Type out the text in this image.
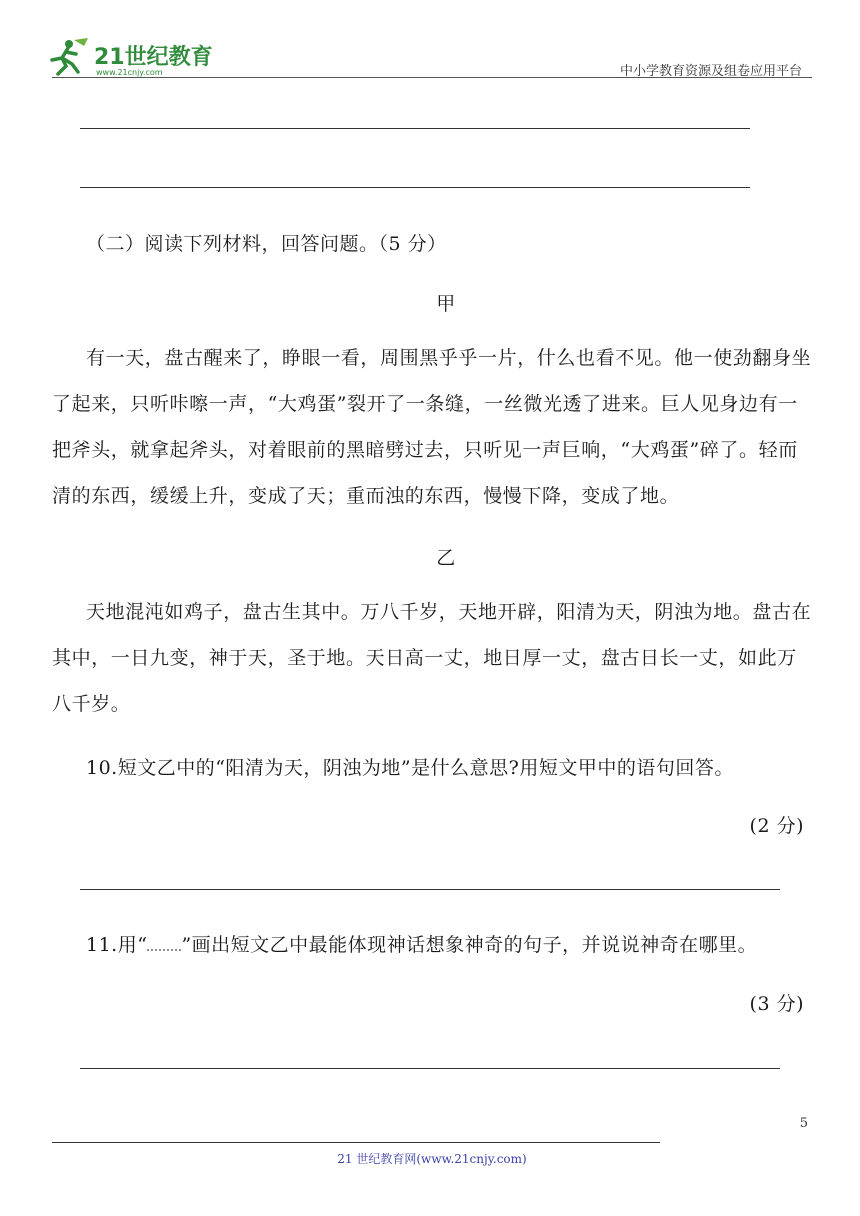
21世纪教育
www.21cnjy.com	中小学教育资源及组卷应用平台
（二）阅读下列材料，回答问题。（5 分）
甲
有一天，盘古醒来了，睁眼一看，周围黑乎乎一片，什么也看不见。他一使劲翻身坐了起来，只听咔嚓一声，“大鸡蛋”裂开了一条缝，一丝微光透了进来。巨人见身边有一把斧头，就拿起斧头，对着眼前的黑暗劈过去，只听见一声巨响，“大鸡蛋”碎了。轻而清的东西，缓缓上升，变成了天；重而浊的东西，慢慢下降，变成了地。
乙
天地混沌如鸡子，盘古生其中。万八千岁，天地开辟，阳清为天，阴浊为地。盘古在其中，一日九变，神于天，圣于地。天日高一丈，地日厚一丈，盘古日长一丈，如此万八千岁。
10.短文乙中的“阳清为天，阴浊为地”是什么意思?用短文甲中的语句回答。
(2 分)
11.用“ ”画出短文乙中最能体现神话想象神奇的句子，并说说神奇在哪里。
(3 分)
5
21 世纪教育网(www.21cnjy.com)
